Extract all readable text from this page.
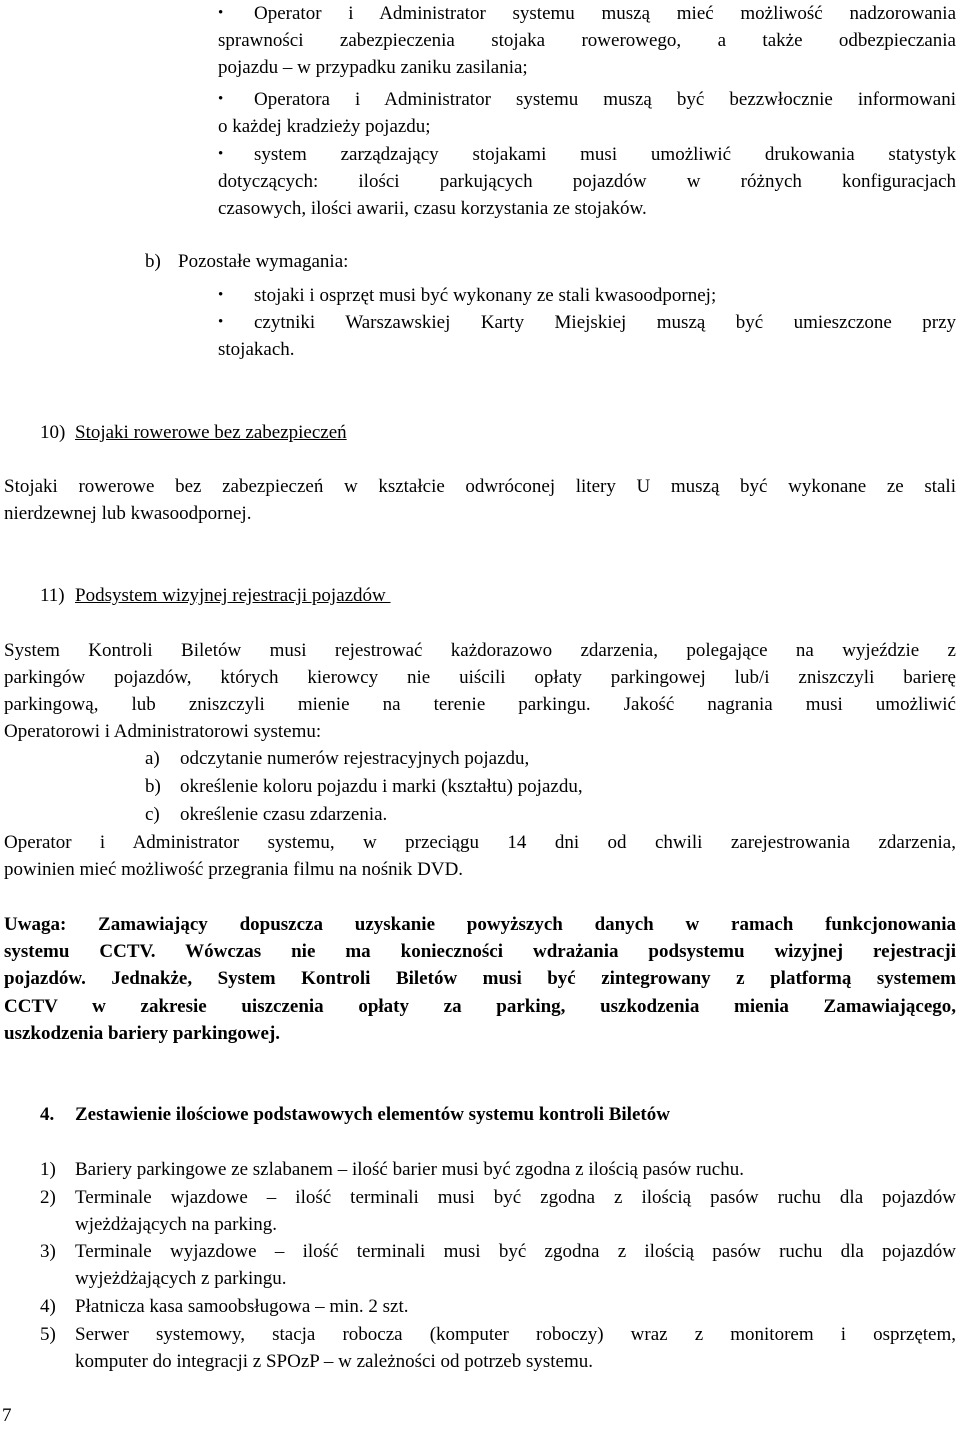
• Operator i Administrator systemu muszą mieć możliwość nadzorowania
sprawności zabezpieczenia stojaka rowerowego, a także odbezpieczania
pojazdu – w przypadku zaniku zasilania;
• Operatora i Administrator systemu muszą być bezzwłocznie informowani
o każdej kradzieży pojazdu;
• system zarządzający stojakami musi umożliwić drukowania statystyk
dotyczących: ilości parkujących pojazdów w różnych konfiguracjach
czasowych, ilości awarii, czasu korzystania ze stojaków.
b) Pozostałe wymagania:
• stojaki i osprzęt musi być wykonany ze stali kwasoodpornej;
• czytniki Warszawskiej Karty Miejskiej muszą być umieszczone przy
stojakach.
10) Stojaki rowerowe bez zabezpieczeń
Stojaki rowerowe bez zabezpieczeń w kształcie odwróconej litery U muszą być wykonane ze stali
nierdzewnej lub kwasoodpornej.
11) Podsystem wizyjnej rejestracji pojazdów
System Kontroli Biletów musi rejestrować każdorazowo zdarzenia, polegające na wyjeździe z
parkingów pojazdów, których kierowcy nie uiścili opłaty parkingowej lub/i zniszczyli barierę
parkingową, lub zniszczyli mienie na terenie parkingu. Jakość nagrania musi umożliwić
Operatorowi i Administratorowi systemu:
a) odczytanie numerów rejestracyjnych pojazdu,
b) określenie koloru pojazdu i marki (kształtu) pojazdu,
c) określenie czasu zdarzenia.
Operator i Administrator systemu, w przeciągu 14 dni od chwili zarejestrowania zdarzenia,
powinien mieć możliwość przegrania filmu na nośnik DVD.
Uwaga: Zamawiający dopuszcza uzyskanie powyższych danych w ramach funkcjonowania
systemu CCTV. Wówczas nie ma konieczności wdrażania podsystemu wizyjnej rejestracji
pojazdów. Jednakże, System Kontroli Biletów musi być zintegrowany z platformą systemem
CCTV w zakresie uiszczenia opłaty za parking, uszkodzenia mienia Zamawiającego,
uszkodzenia bariery parkingowej.
4. Zestawienie ilościowe podstawowych elementów systemu kontroli Biletów
1) Bariery parkingowe ze szlabanem – ilość barier musi być zgodna z ilością pasów ruchu.
2) Terminale wjazdowe – ilość terminali musi być zgodna z ilością pasów ruchu dla pojazdów
wjeżdżających na parking.
3) Terminale wyjazdowe – ilość terminali musi być zgodna z ilością pasów ruchu dla pojazdów
wyjeżdżających z parkingu.
4) Płatnicza kasa samoobsługowa – min. 2 szt.
5) Serwer systemowy, stacja robocza (komputer roboczy) wraz z monitorem i osprzętem,
komputer do integracji z SPOzP – w zależności od potrzeb systemu.
7
